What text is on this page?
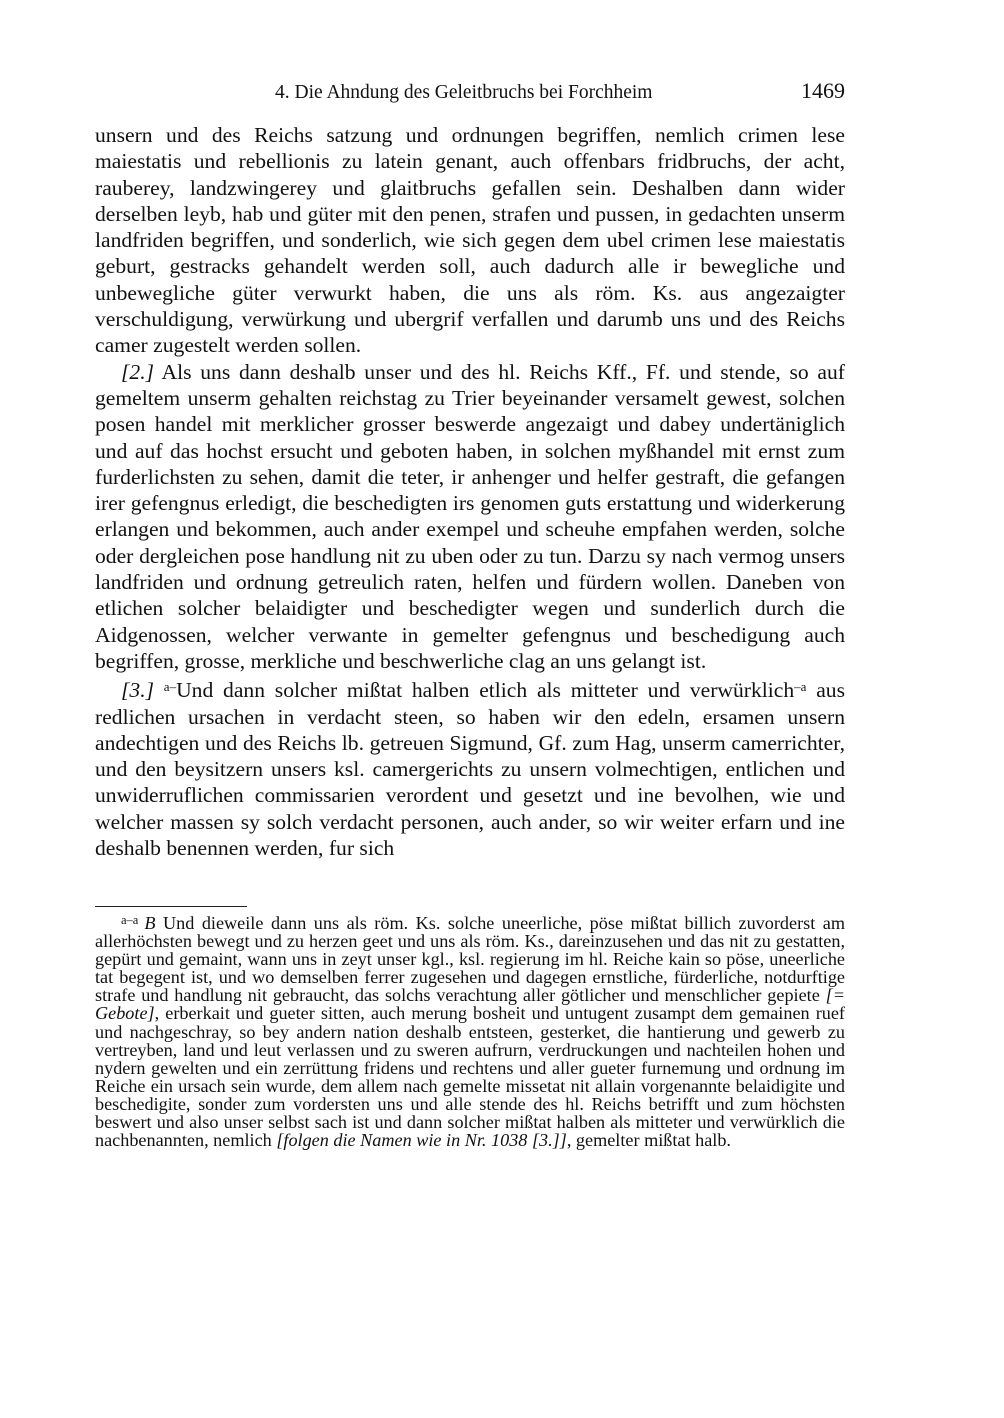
4. Die Ahndung des Geleitbruchs bei Forchheim	1469

unsern und des Reichs satzung und ordnungen begriffen, nemlich crimen lese maiestatis und rebellionis zu latein genant, auch offenbars fridbruchs, der acht, rauberey, landzwingerey und glaitbruchs gefallen sein. Deshalben dann wider derselben leyb, hab und güter mit den penen, strafen und pussen, in gedachten unserm landfriden begriffen, und sonderlich, wie sich gegen dem ubel crimen lese maiestatis geburt, gestracks gehandelt werden soll, auch dadurch alle ir bewegliche und unbewegliche güter verwurkt haben, die uns als röm. Ks. aus angezaigter verschuldigung, verwürkung und ubergrif verfallen und darumb uns und des Reichs camer zugestelt werden sollen.

[2.] Als uns dann deshalb unser und des hl. Reichs Kff., Ff. und stende, so auf gemeltem unserm gehalten reichstag zu Trier beyeinander versamelt gewest, solchen posen handel mit merklicher grosser beswerde angezaigt und dabey undertäniglich und auf das hochst ersucht und geboten haben, in solchen myßhandel mit ernst zum furderlichsten zu sehen, damit die teter, ir anhenger und helfer gestraft, die gefangen irer gefengnus erledigt, die beschedigten irs genomen guts erstattung und widerkerung erlangen und bekommen, auch ander exempel und scheuhe empfahen werden, solche oder dergleichen pose handlung nit zu uben oder zu tun. Darzu sy nach vermog unsers landfriden und ordnung getreulich raten, helfen und fürdern wollen. Daneben von etlichen solcher belaidigter und beschedigter wegen und sunderlich durch die Aidgenossen, welcher verwante in gemelter gefengnus und beschedigung auch begriffen, grosse, merkliche und beschwerliche clag an uns gelangt ist.

[3.] $^{a-}$Und dann solcher mißtat halben etlich als mitteter und verwürklich$^{-a}$ aus redlichen ursachen in verdacht steen, so haben wir den edeln, ersamen unsern andechtigen und des Reichs lb. getreuen Sigmund, Gf. zum Hag, unserm camerrichter, und den beysitzern unsers ksl. camergerichts zu unsern volmechtigen, entlichen und unwiderruflichen commissarien verordent und gesetzt und ine bevolhen, wie und welcher massen sy solch verdacht personen, auch ander, so wir weiter erfarn und ine deshalb benennen werden, fur sich

$^{a-a}$ B Und dieweile dann uns als röm. Ks. solche uneerliche, pöse mißtat billich zuvorderst am allerhöchsten bewegt und zu herzen geet und uns als röm. Ks., dareinzusehen und das nit zu gestatten, gepürt und gemaint, wann uns in zeyt unser kgl., ksl. regierung im hl. Reiche kain so pöse, uneerliche tat begegent ist, und wo demselben ferrer zugesehen und dagegen ernstliche, fürderliche, notdurftige strafe und handlung nit gebraucht, das solchs verachtung aller götlicher und menschlicher gepiete [= Gebote], erberkait und gueter sitten, auch merung bosheit und untugent zusampt dem gemainen ruef und nachgeschray, so bey andern nation deshalb entsteen, gesterket, die hantierung und gewerb zu vertreyben, land und leut verlassen und zu sweren aufrurn, verdruckungen und nachteilen hohen und nydern gewelten und ein zerrüttung fridens und rechtens und aller gueter furnemung und ordnung im Reiche ein ursach sein wurde, dem allem nach gemelte missetat nit allain vorgenannte belaidigite und beschedigite, sonder zum vordersten uns und alle stende des hl. Reichs betrifft und zum höchsten beswert und also unser selbst sach ist und dann solcher mißtat halben als mitteter und verwürklich die nachbenannten, nemlich [folgen die Namen wie in Nr. 1038 [3.]], gemelter mißtat halb.
